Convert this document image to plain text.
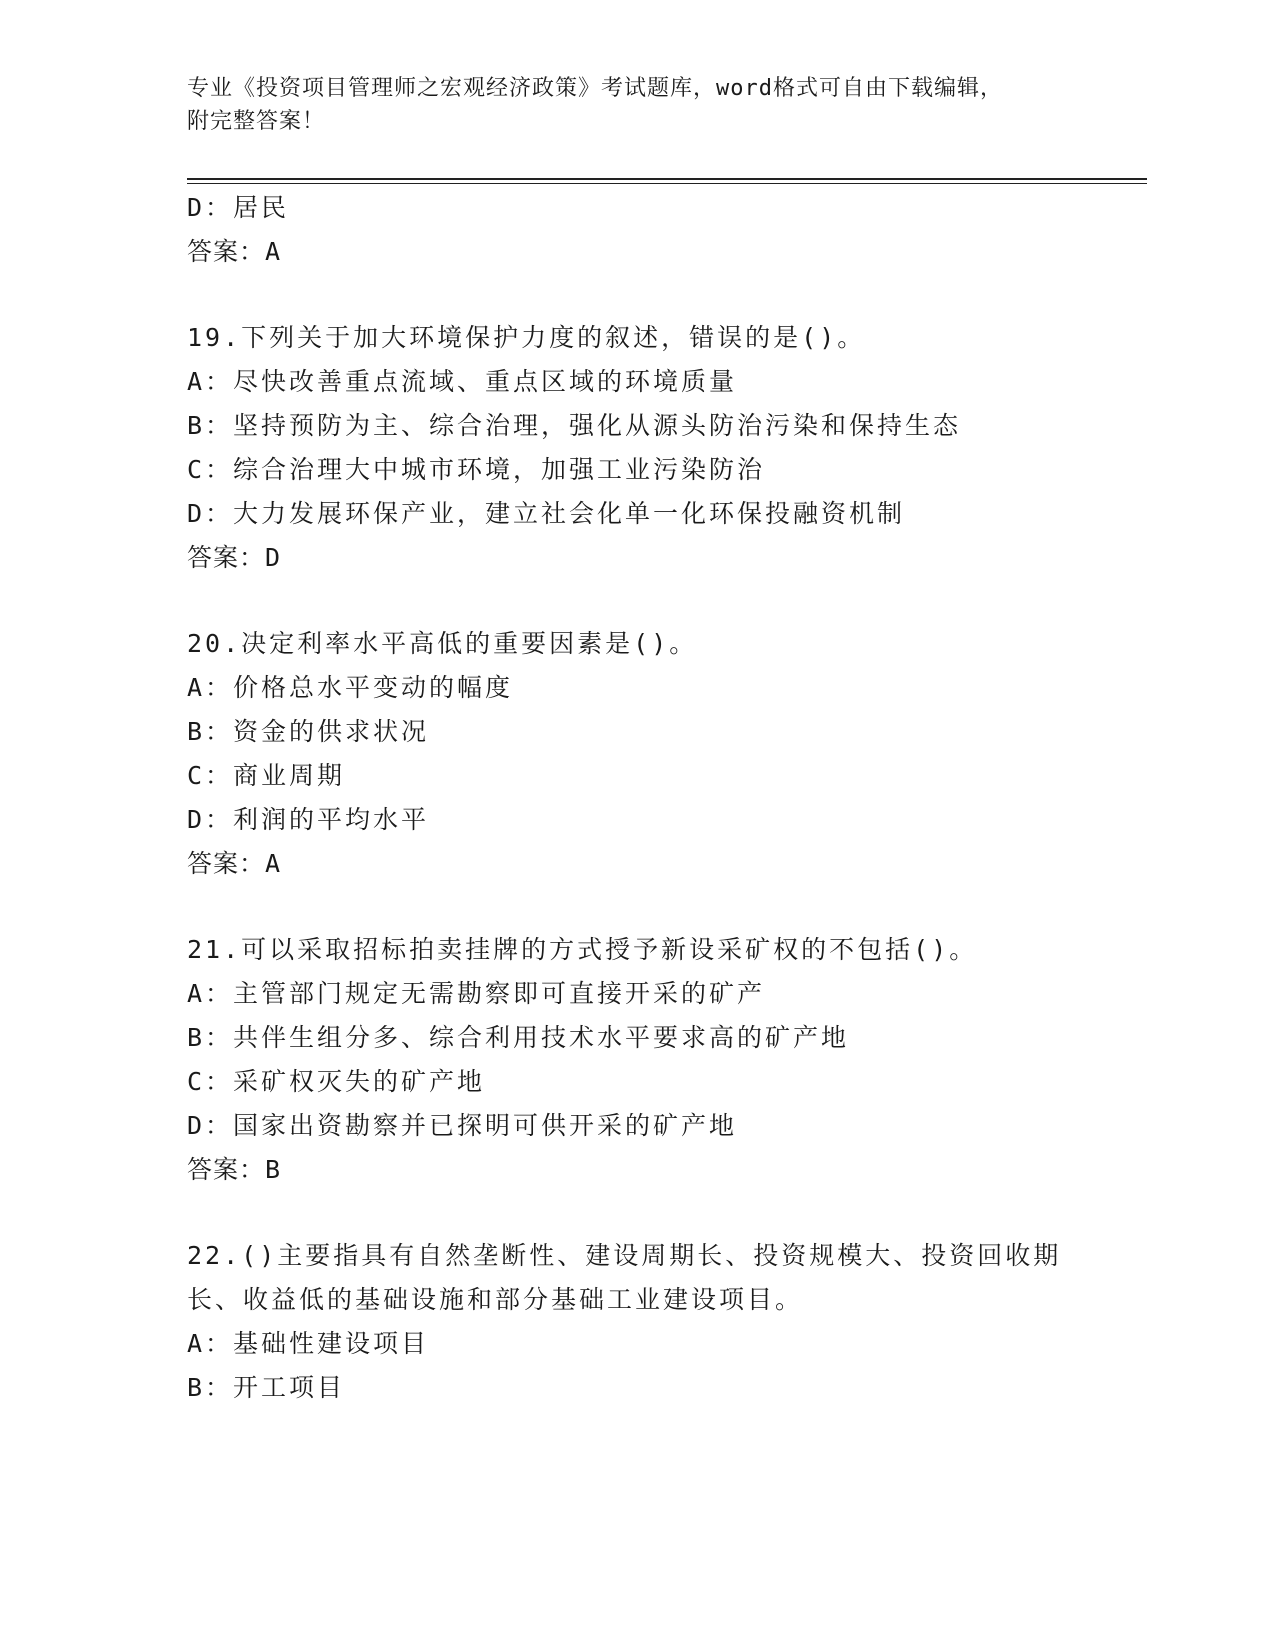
专业《投资项目管理师之宏观经济政策》考试题库，word格式可自由下载编辑，
附完整答案！
D：居民
答案：A
19.下列关于加大环境保护力度的叙述，错误的是()。
A：尽快改善重点流域、重点区域的环境质量
B：坚持预防为主、综合治理，强化从源头防治污染和保持生态
C：综合治理大中城市环境，加强工业污染防治
D：大力发展环保产业，建立社会化单一化环保投融资机制
答案：D
20.决定利率水平高低的重要因素是()。
A：价格总水平变动的幅度
B：资金的供求状况
C：商业周期
D：利润的平均水平
答案：A
21.可以采取招标拍卖挂牌的方式授予新设采矿权的不包括()。
A：主管部门规定无需勘察即可直接开采的矿产
B：共伴生组分多、综合利用技术水平要求高的矿产地
C：采矿权灭失的矿产地
D：国家出资勘察并已探明可供开采的矿产地
答案：B
22.()主要指具有自然垄断性、建设周期长、投资规模大、投资回收期
长、收益低的基础设施和部分基础工业建设项目。
A：基础性建设项目
B：开工项目
